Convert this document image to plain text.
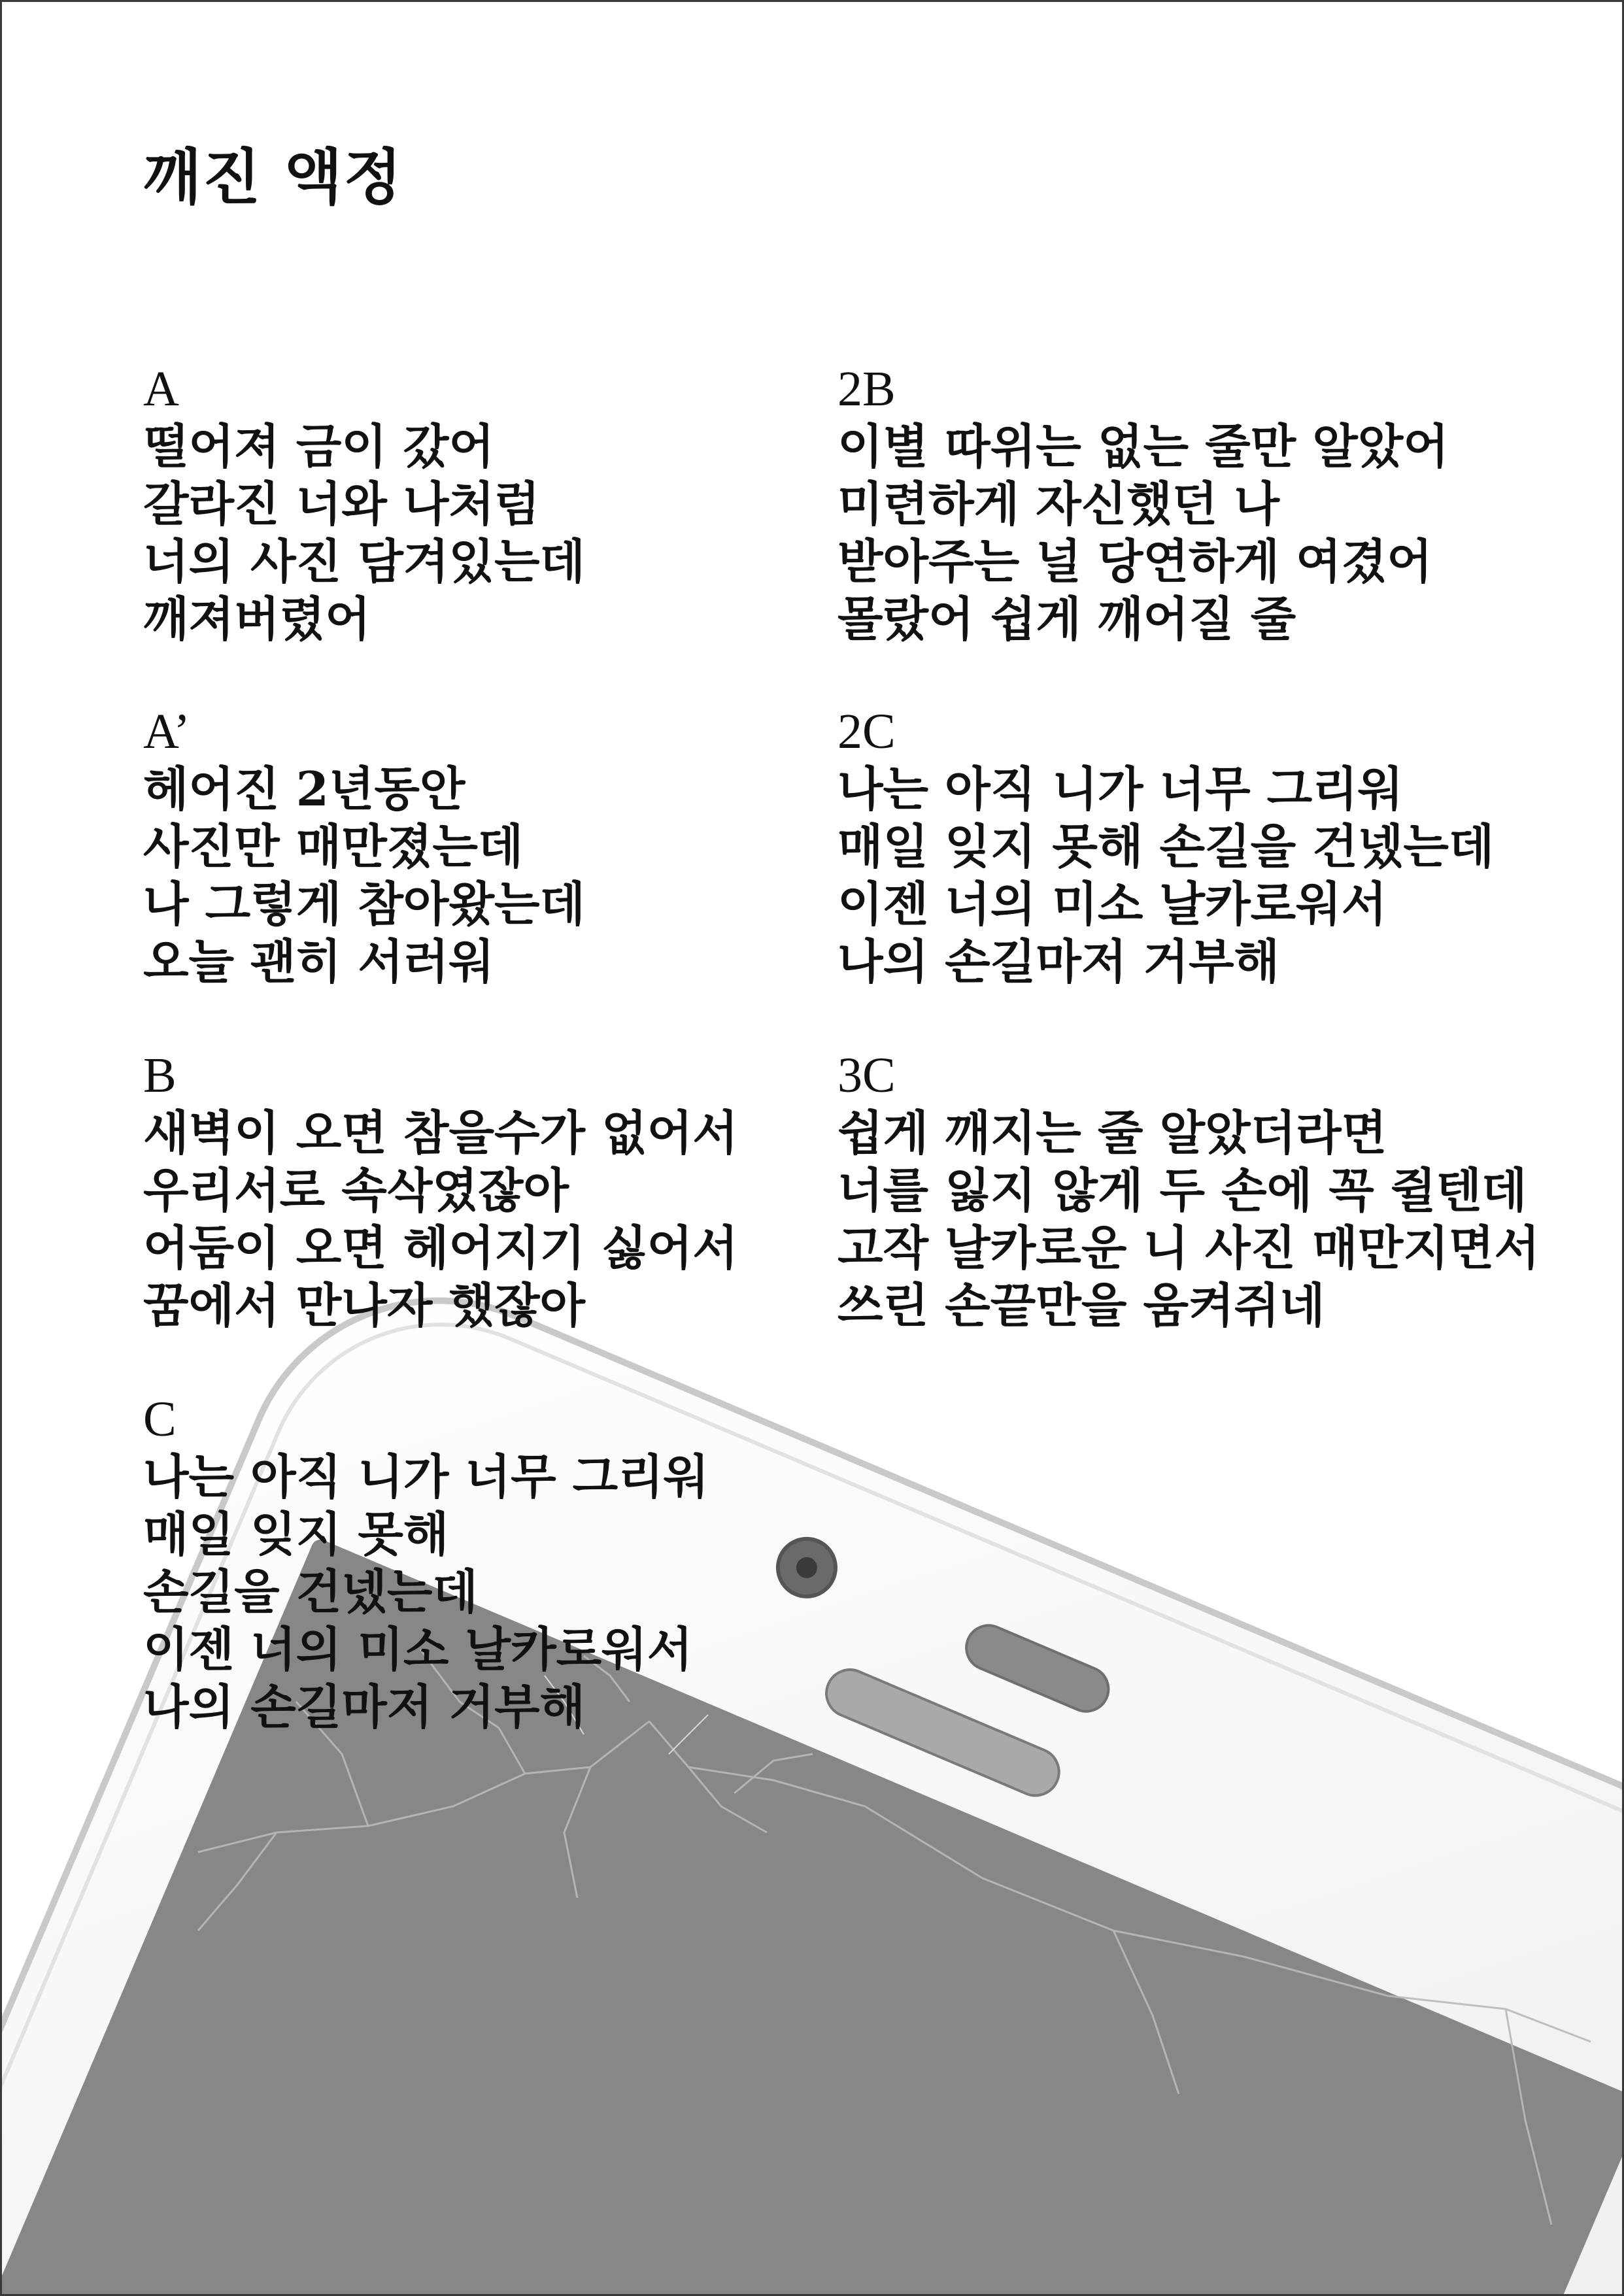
깨진 액정
A
떨어져 금이 갔어
갈라진 너와 나처럼
너의 사진 담겨있는데
깨져버렸어
A’
헤어진 2년동안
사진만 매만졌는데
나 그렇게 참아왔는데
오늘 괜히 서러워
B
새벽이 오면 참을수가 없어서
우리서로 속삭였잖아
어둠이 오면 헤어지기 싫어서
꿈에서 만나자 했잖아
C
나는 아직 니가 너무 그리워
매일 잊지 못해
손길을 건넸는데
이젠 너의 미소 날카로워서
나의 손길마저 거부해
2B
이별 따위는 없는 줄만 알았어
미련하게 자신했던 나
받아주는 널 당연하게 여겼어
몰랐어 쉽게 깨어질 줄
2C
나는 아직 니가 너무 그리워
매일 잊지 못해 손길을 건넸는데
이젠 너의 미소 날카로워서
나의 손길마저 거부해
3C
쉽게 깨지는 줄 알았더라면
너를 잃지 않게 두 손에 꼭 쥘텐데
고작 날카로운 니 사진 매만지면서
쓰린 손끝만을 움켜쥐네
